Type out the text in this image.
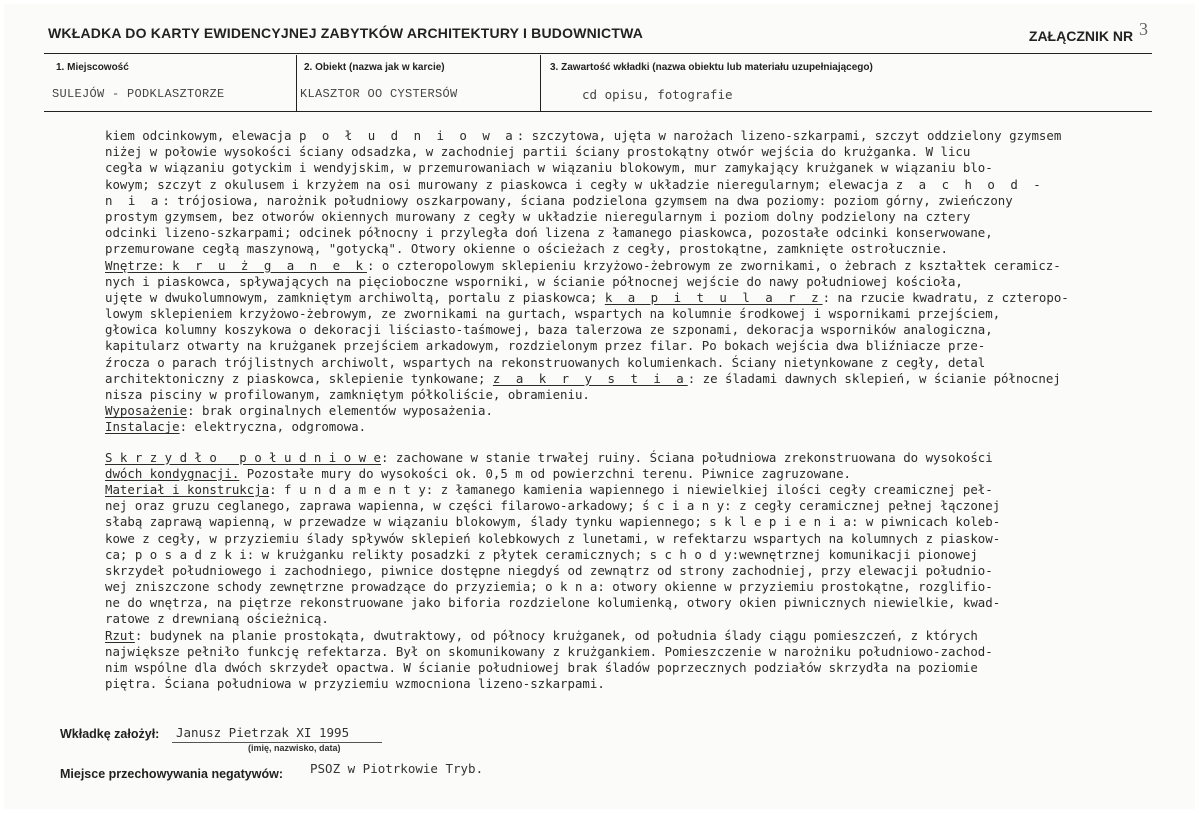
WKŁADKA DO KARTY EWIDENCYJNEJ ZABYTKÓW ARCHITEKTURY I BUDOWNICTWA	ZAŁĄCZNIK NR 3
1. Miejscowość	2. Obiekt (nazwa jak w karcie)	3. Zawartość wkładki (nazwa obiektu lub materiału uzupełniającego)
SULEJÓW - PODKLASZTORZE	KLASZTOR OO CYSTERSÓW	cd opisu, fotografie
kiem odcinkowym, elewacja p o ł u d n i o w a: szczytowa, ujęta w narożach lizeno-szkarpami, szczyt oddzielony gzymsem
niżej w połowie wysokości ściany odsadzka, w zachodniej partii ściany prostokątny otwór wejścia do krużganka. W licu
cegła w wiązaniu gotyckim i wendyjskim, w przemurowaniach w wiązaniu blokowym, mur zamykający krużganek w wiązaniu blo-
kowym; szczyt z okulusem i krzyżem na osi murowany z piaskowca i cegły w układzie nieregularnym; elewacja z a c h o d -
n i a: trójosiowa, narożnik południowy oszkarpowany, ściana podzielona gzymsem na dwa poziomy: poziom górny, zwieńczony
prostym gzymsem, bez otworów okiennych murowany z cegły w układzie nieregularnym i poziom dolny podzielony na cztery
odcinki lizeno-szkarpami; odcinek północny i przyległa doń lizena z łamanego piaskowca, pozostałe odcinki konserwowane,
przemurowane cegłą maszynową, "gotycką". Otwory okienne o ościeżach z cegły, prostokątne, zamknięte ostrołucznie.
Wnętrze: k r u ż g a n e k: o czteropolowym sklepieniu krzyżowo-żebrowym ze zwornikami, o żebrach z kształtek ceramicz-
nych i piaskowca, spływających na pięcioboczne wsporniki, w ścianie północnej wejście do nawy południowej kościoła,
ujęte w dwukolumnowym, zamkniętym archiwoltą, portalu z piaskowca; k a p i t u l a r z: na rzucie kwadratu, z czteropo-
lowym sklepieniem krzyżowo-żebrowym, ze zwornikami na gurtach, wspartych na kolumnie środkowej i wspornikami przejściem,
głowica kolumny koszykowa o dekoracji liściasto-taśmowej, baza talerzowa ze szponami, dekoracja wsporników analogiczna,
kapitularz otwarty na krużganek przejściem arkadowym, rozdzielonym przez filar. Po bokach wejścia dwa bliźniacze prze-
źrocza o parach trójlistnych archiwolt, wspartych na rekonstruowanych kolumienkach. Ściany nietynkowane z cegły, detal
architektoniczny z piaskowca, sklepienie tynkowane; z a k r y s t i a: ze śladami dawnych sklepień, w ścianie północnej
nisza pisciny w profilowanym, zamkniętym półkoliście, obramieniu.
Wyposażenie: brak orginalnych elementów wyposażenia.
Instalacje: elektryczna, odgromowa.
S k r z y d ł o   p o ł u d n i o w e: zachowane w stanie trwałej ruiny. Ściana południowa zrekonstruowana do wysokości
dwóch kondygnacji. Pozostałe mury do wysokości ok. 0,5 m od powierzchni terenu. Piwnice zagruzowane.
Materiał i konstrukcja: f u n d a m e n t y: z łamanego kamienia wapiennego i niewielkiej ilości cegły creamicznej peł-
nej oraz gruzu ceglanego, zaprawa wapienna, w części filarowo-arkadowy; ś c i a n y: z cegły ceramicznej pełnej łączonej
słabą zaprawą wapienną, w przewadze w wiązaniu blokowym, ślady tynku wapiennego; s k l e p i e n i a: w piwnicach koleb-
kowe z cegły, w przyziemiu ślady spływów sklepień kolebkowych z lunetami, w refektarzu wspartych na kolumnych z piaskow-
ca; p o s a d z k i: w krużganku relikty posadzki z płytek ceramicznych; s c h o d y:wewnętrznej komunikacji pionowej
skrzydeł południowego i zachodniego, piwnice dostępne niegdyś od zewnątrz od strony zachodniej, przy elewacji południo-
wej zniszczone schody zewnętrzne prowadzące do przyziemia; o k n a: otwory okienne w przyziemiu prostokątne, rozglifio-
ne do wnętrza, na piętrze rekonstruowane jako biforia rozdzielone kolumienką, otwory okien piwnicznych niewielkie, kwad-
ratowe z drewnianą ościeżnicą.
Rzut: budynek na planie prostokąta, dwutraktowy, od północy krużganek, od południa ślady ciągu pomieszczeń, z których
największe pełniło funkcję refektarza. Był on skomunikowany z krużgankiem. Pomieszczenie w narożniku południowo-zachod-
nim wspólne dla dwóch skrzydeł opactwa. W ścianie południowej brak śladów poprzecznych podziałów skrzydła na poziomie
piętra. Ściana południowa w przyziemiu wzmocniona lizeno-szkarpami.
Wkładkę założył: Janusz Pietrzak XI 1995
(imię, nazwisko, data)
Miejsce przechowywania negatywów: PSOZ w Piotrkowie Tryb.
